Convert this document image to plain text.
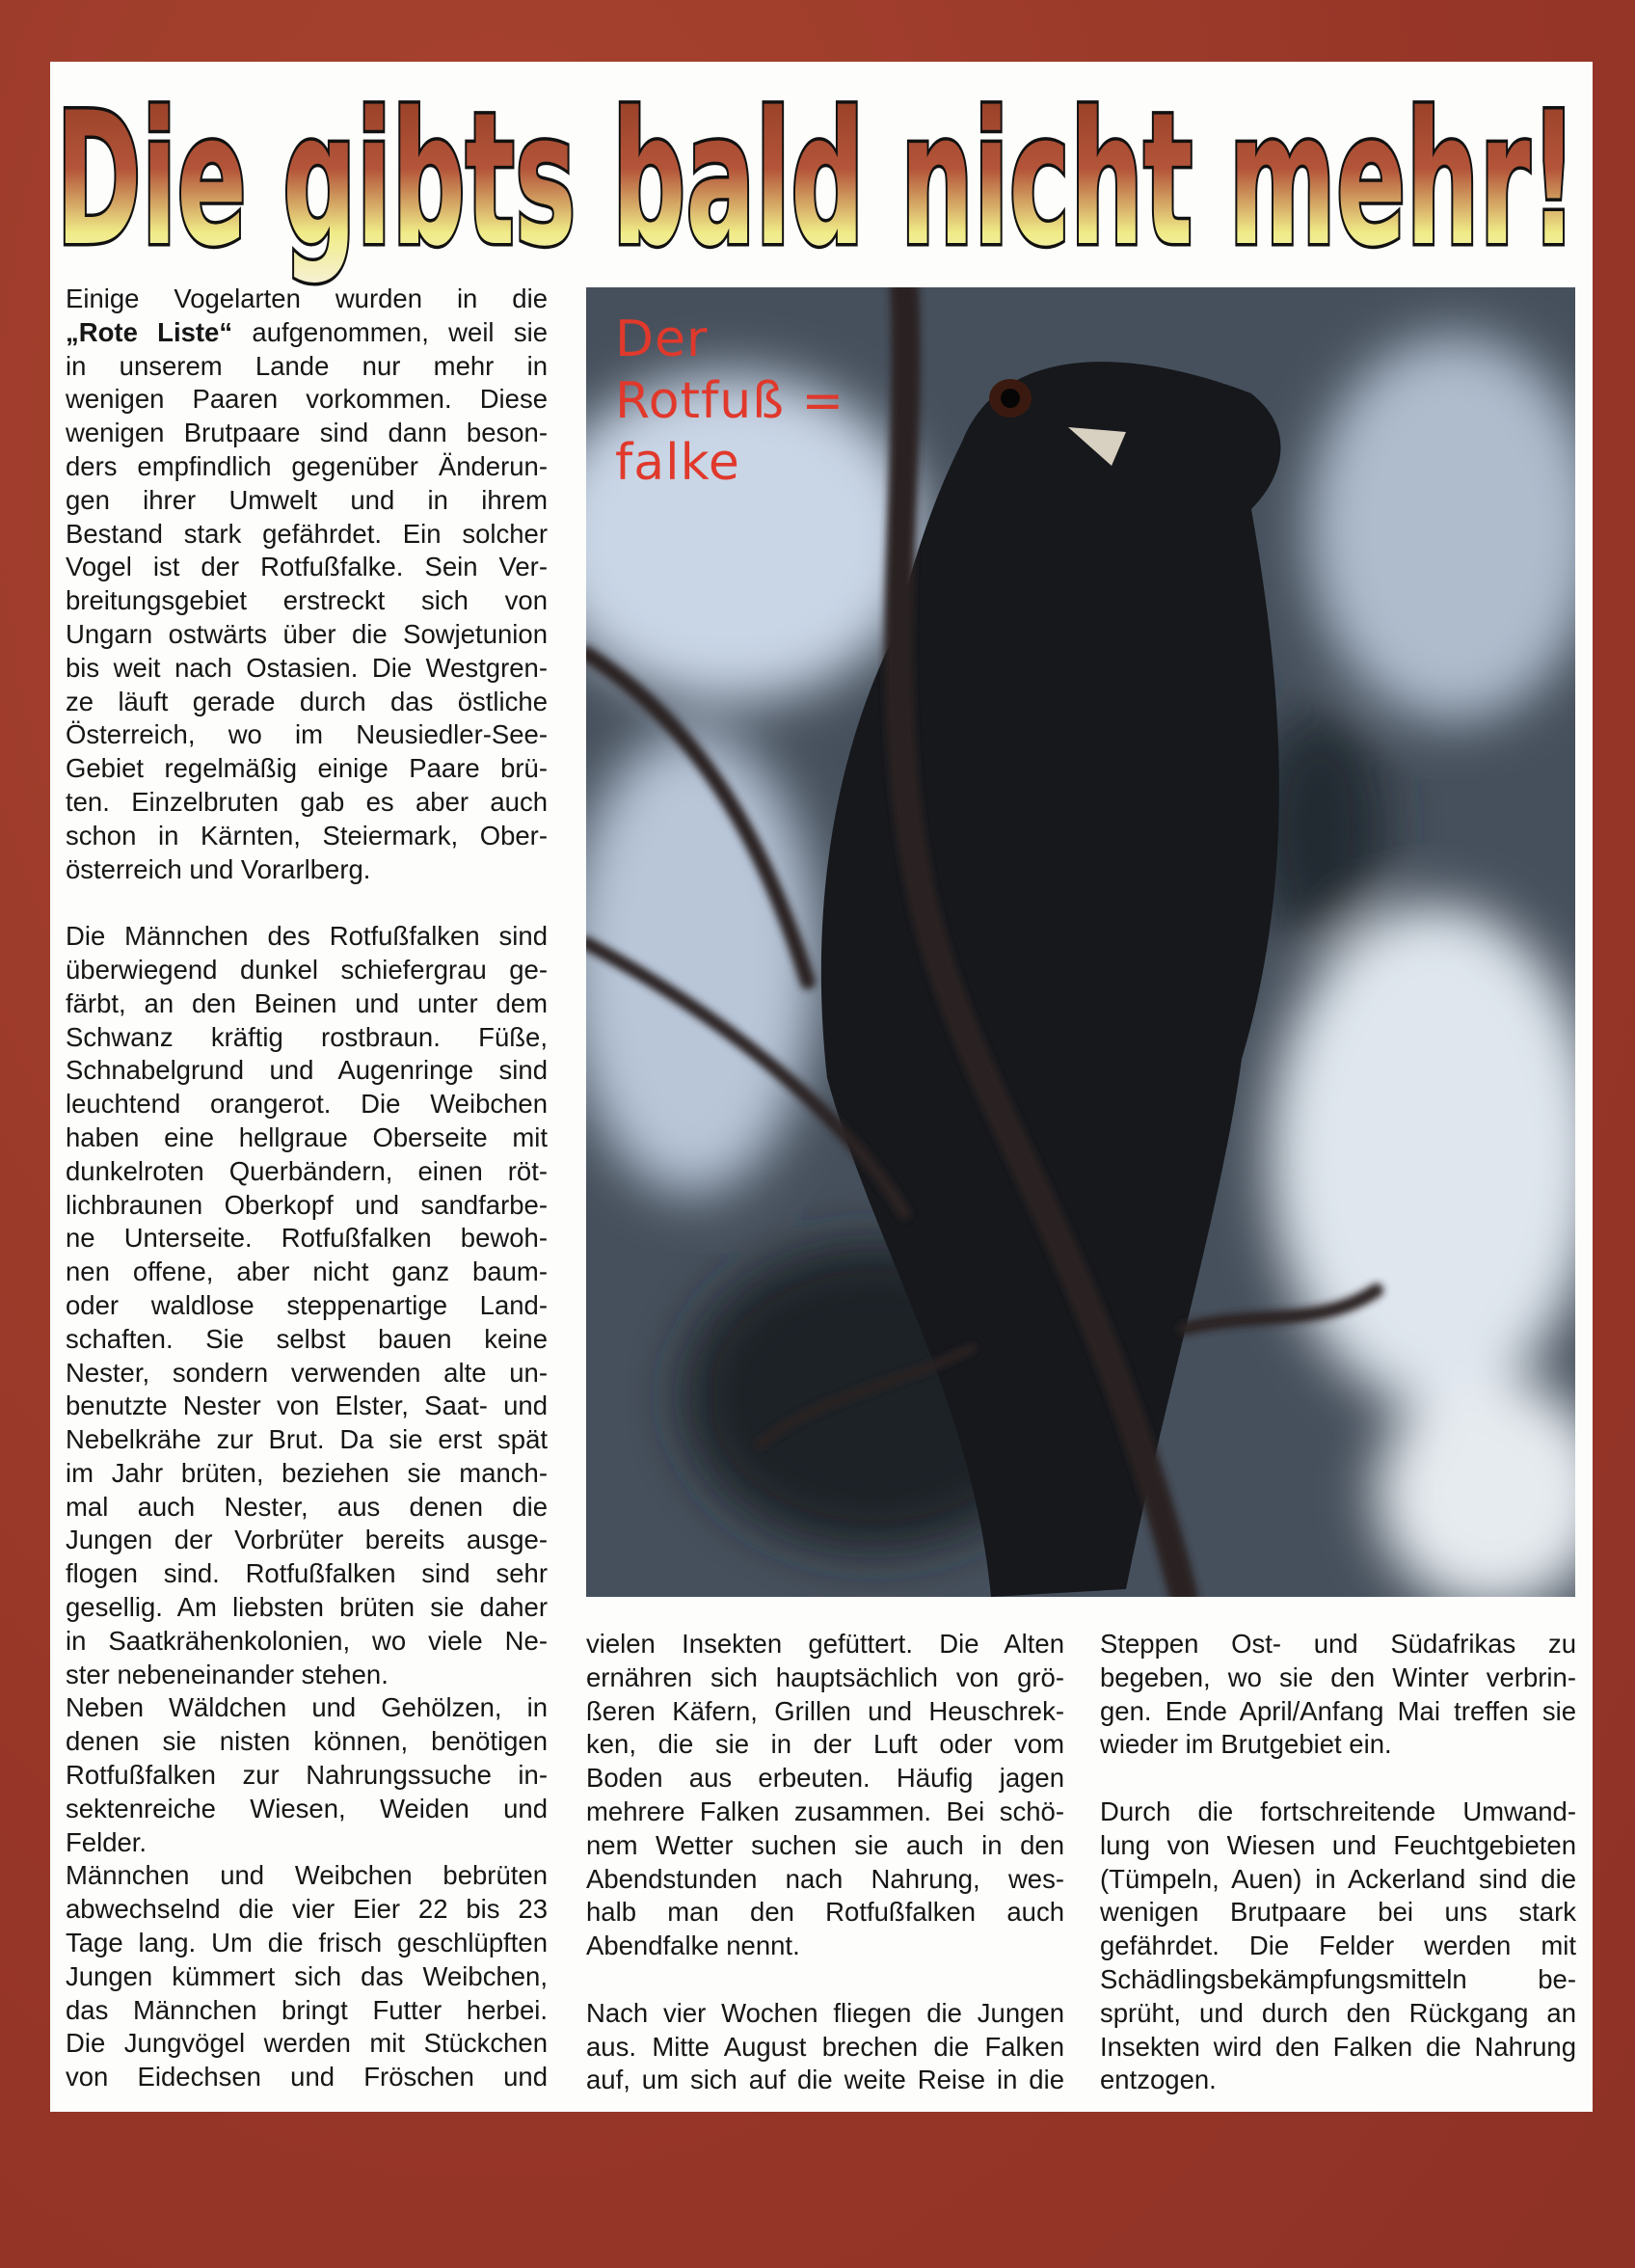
Die gibts bald nicht mehr!
Einige Vogelarten wurden in die
„Rote Liste“ aufgenommen, weil sie
in unserem Lande nur mehr in
wenigen Paaren vorkommen. Diese
wenigen Brutpaare sind dann beson-
ders empfindlich gegenüber Änderun-
gen ihrer Umwelt und in ihrem
Bestand stark gefährdet. Ein solcher
Vogel ist der Rotfußfalke. Sein Ver-
breitungsgebiet erstreckt sich von
Ungarn ostwärts über die Sowjetunion
bis weit nach Ostasien. Die Westgren-
ze läuft gerade durch das östliche
Österreich, wo im Neusiedler-See-
Gebiet regelmäßig einige Paare brü-
ten. Einzelbruten gab es aber auch
schon in Kärnten, Steiermark, Ober-
österreich und Vorarlberg.
Die Männchen des Rotfußfalken sind
überwiegend dunkel schiefergrau ge-
färbt, an den Beinen und unter dem
Schwanz kräftig rostbraun. Füße,
Schnabelgrund und Augenringe sind
leuchtend orangerot. Die Weibchen
haben eine hellgraue Oberseite mit
dunkelroten Querbändern, einen röt-
lichbraunen Oberkopf und sandfarbe-
ne Unterseite. Rotfußfalken bewoh-
nen offene, aber nicht ganz baum-
oder waldlose steppenartige Land-
schaften. Sie selbst bauen keine
Nester, sondern verwenden alte un-
benutzte Nester von Elster, Saat- und
Nebelkrähe zur Brut. Da sie erst spät
im Jahr brüten, beziehen sie manch-
mal auch Nester, aus denen die
Jungen der Vorbrüter bereits ausge-
flogen sind. Rotfußfalken sind sehr
gesellig. Am liebsten brüten sie daher
in Saatkrähenkolonien, wo viele Ne-
ster nebeneinander stehen.
Neben Wäldchen und Gehölzen, in
denen sie nisten können, benötigen
Rotfußfalken zur Nahrungssuche in-
sektenreiche Wiesen, Weiden und
Felder.
Männchen und Weibchen bebrüten
abwechselnd die vier Eier 22 bis 23
Tage lang. Um die frisch geschlüpften
Jungen kümmert sich das Weibchen,
das Männchen bringt Futter herbei.
Die Jungvögel werden mit Stückchen
von Eidechsen und Fröschen und
Der
Rotfuß =
falke
vielen Insekten gefüttert. Die Alten
ernähren sich hauptsächlich von grö-
ßeren Käfern, Grillen und Heuschrek-
ken, die sie in der Luft oder vom
Boden aus erbeuten. Häufig jagen
mehrere Falken zusammen. Bei schö-
nem Wetter suchen sie auch in den
Abendstunden nach Nahrung, wes-
halb man den Rotfußfalken auch
Abendfalke nennt.
Nach vier Wochen fliegen die Jungen
aus. Mitte August brechen die Falken
auf, um sich auf die weite Reise in die
Steppen Ost- und Südafrikas zu
begeben, wo sie den Winter verbrin-
gen. Ende April/Anfang Mai treffen sie
wieder im Brutgebiet ein.
Durch die fortschreitende Umwand-
lung von Wiesen und Feuchtgebieten
(Tümpeln, Auen) in Ackerland sind die
wenigen Brutpaare bei uns stark
gefährdet. Die Felder werden mit
Schädlingsbekämpfungsmitteln be-
sprüht, und durch den Rückgang an
Insekten wird den Falken die Nahrung
entzogen.
